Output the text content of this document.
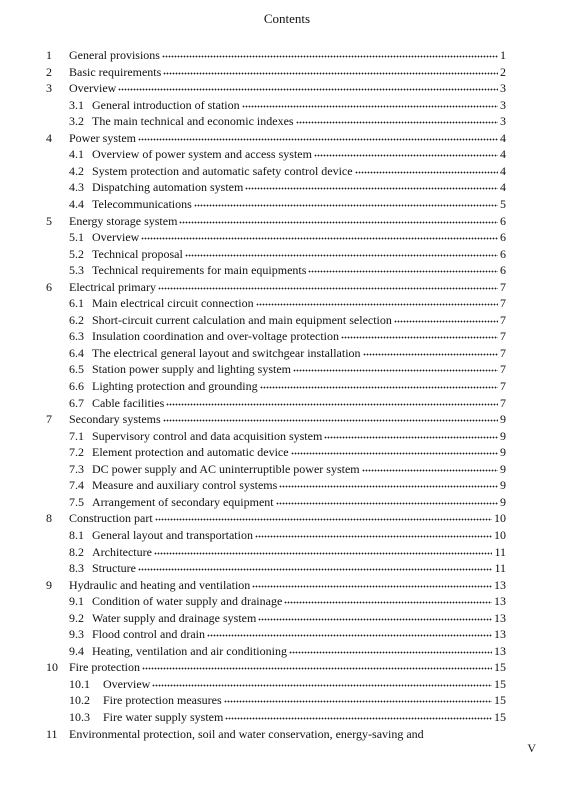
Contents
1	General provisions	1
2	Basic requirements	2
3	Overview	3
3.1 General introduction of station	3
3.2 The main technical and economic indexes	3
4	Power system	4
4.1 Overview of power system and access system	4
4.2 System protection and automatic safety control device	4
4.3 Dispatching automation system	4
4.4 Telecommunications	5
5	Energy storage system	6
5.1 Overview	6
5.2 Technical proposal	6
5.3 Technical requirements for main equipments	6
6	Electrical primary	7
6.1 Main electrical circuit connection	7
6.2 Short-circuit current calculation and main equipment selection	7
6.3 Insulation coordination and over-voltage protection	7
6.4 The electrical general layout and switchgear installation	7
6.5 Station power supply and lighting system	7
6.6 Lighting protection and grounding	7
6.7 Cable facilities	7
7	Secondary systems	9
7.1 Supervisory control and data acquisition system	9
7.2 Element protection and automatic device	9
7.3 DC power supply and AC uninterruptible power system	9
7.4 Measure and auxiliary control systems	9
7.5 Arrangement of secondary equipment	9
8	Construction part	10
8.1 General layout and transportation	10
8.2 Architecture	11
8.3 Structure	11
9	Hydraulic and heating and ventilation	13
9.1 Condition of water supply and drainage	13
9.2 Water supply and drainage system	13
9.3 Flood control and drain	13
9.4 Heating, ventilation and air conditioning	13
10 Fire protection	15
10.1	Overview	15
10.2	Fire protection measures	15
10.3	Fire water supply system	15
11 Environmental protection, soil and water conservation, energy-saving and
V
